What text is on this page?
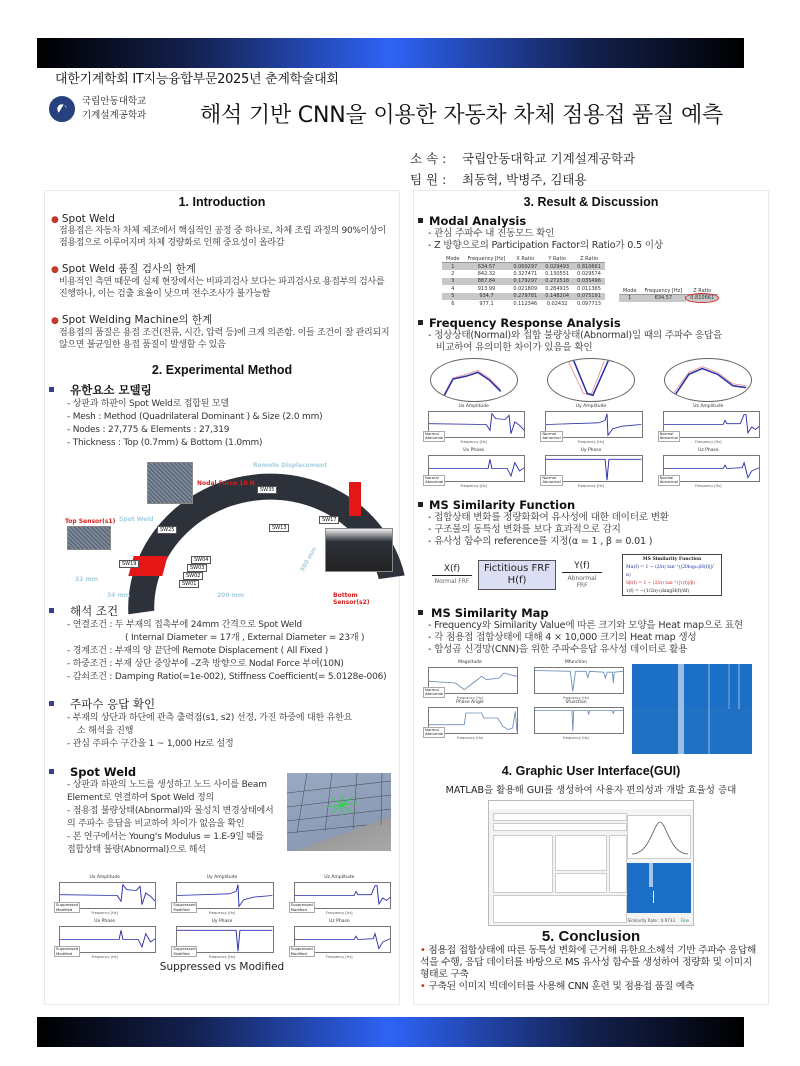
대한기계학회 IT지능융합부문2025년 춘계학술대회
국립안동대학교
기계설계공학과 해석 기반 CNN을 이용한 자동차 차체 점용접 품질 예측
소 속 : 국립안동대학교 기계설계공학과
팀 원 : 최동혁, 박병주, 김태용
1. Introduction
● Spot Weld
점용접은 자동차 차체 제조에서 핵심적인 공정 중 하나로, 차체 조립 과정의 90%이상이 점용접으로 이루어지며 차체 경량화로 인해 중요성이 올라감
● Spot Weld 품질 검사의 한계
비용적인 측면 때문에 실제 현장에서는 비파괴검사 보다는 파괴검사로 용접부의 검사를 진행하나, 이는 검출 효율이 낮으며 전수조사가 불가능함
● Spot Welding Machine의 한계
점용접의 품질은 용접 조건(전류, 시간, 압력 등)에 크게 의존함. 이들 조건이 잘 관리되지 않으면 불균일한 용접 품질이 발생할 수 있음
2. Experimental Method
유한요소 모델링
- 상판과 하판이 Spot Weld로 접합된 모델
- Mesh : Method (Quadrilateral Dominant ) & Size (2.0 mm)
- Nodes : 27,775 & Elements : 27,319
- Thickness : Top (0.7mm) & Bottom (1.0mm)
Remote Displacement
Nodal Force 10 N
Spot Weld
Top Sensor(s1)
Bottom Sensor(s2)
SW35
SW25	SW13
SW17
SW19
SW04
SW03
SW02
SW01
32 mm
34 mm	200 mm
500 mm
해석 조건
- 연결조건 : 두 부재의 접촉부에 24mm 간격으로 Spot Weld
( Internal Diameter = 17개 , External Diameter = 23개 )
- 경계조건 : 부재의 양 끝단에 Remote Displacement ( All Fixed )
- 하중조건 : 부재 상단 중앙부에 –Z축 방향으로 Nodal Force 부여(10N)
- 감쇠조건 : Damping Ratio(=1e-002), Stiffness Coefficient(= 5.0128e-006)
주파수 응답 확인
- 부재의 상단과 하단에 관측 출력점(s1, s2) 선정, 가진 하중에 대한 유한요
소 해석을 진행
- 관심 주파수 구간을 1 ~ 1,000 Hz로 설정
Spot Weld
- 상판과 하판의 노드를 생성하고 노드 사이를 Beam
Element로 연결하여 Spot Weld 정의
- 점용접 불량상태(Abnormal)와 물성치 변경상태에서
의 주파수 응답을 비교하여 차이가 없음을 확인
- 본 연구에서는 Young's Modulus = 1.E-9일 때를
접합상태 불량(Abnormal)으로 해석
Ux Amplitude
Suppressed
Modified
Frequency [Hz]
Uy Amplitude
Suppressed
Modified
Frequency [Hz]
Uz Amplitude
Suppressed
Modified
Frequency [Hz]
Ux Phase
Suppressed
Modified
Frequency [Hz]
Uy Phase
Suppressed
Modified
Frequency [Hz]
Uz Phase
Suppressed
Modified
Frequency [Hz]
Suppressed vs Modified
3. Result & Discussion
Modal Analysis
- 관심 주파수 내 진동모드 확인
- Z 방향으로의 Participation Factor의 Ratio가 0.5 이상
Mode	Frequency [Hz]	X Ratio	Y Ratio	Z Ratio
1	634.57	0.069297	0.029493	0.810661
2	842.32	0.327471	0.130551	0.029574
3	887.84	0.179297	0.272518	0.035496
4	913.99	0.021809	0.284915	0.011365
5	934.7	0.279781	0.148204	0.075191
6	977.1	0.112346	0.02432	0.097713
Mode	Frequency [Hz]	Z Ratio
1	634.57	0.810661
Frequency Response Analysis
- 정상상태(Normal)와 접합 불량상태(Abnormal)일 때의 주파수 응답을
비교하여 유의미한 차이가 있음을 확인
Ux Amplitude
Normal
Abnormal
Frequency [Hz]
Uy Amplitude
Normal
Abnormal
Frequency [Hz]
Uz Amplitude
Normal
Abnormal
Frequency [Hz]
Ux Phase
Normal
Abnormal
Frequency [Hz]
Uy Phase
Normal
Abnormal
Frequency [Hz]
Uz Phase
Normal
Abnormal
Frequency [Hz]
MS Similarity Function
- 접합상태 변화를 정량화화여 유사성에 대한 데이터로 변환
- 구조물의 동특성 변화를 보다 효과적으로 감지
- 유사성 함수의 reference를 지정(α = 1 , β = 0.01 )
X(f)
Normal FRF
Fictitious FRF
H(f)
Y(f)
Abnormal FRF
MS Similarity Function
Mα(f) = 1 − (2/π) tan⁻¹(|20log₁₀|H(f)||/α)
Sβ(f) = 1 − (2/π) tan⁻¹(|τ(f)|/β)
τ(f) = −(1/2π)·(dangH(f)/df)
MS Similarity Map
- Frequency와 Similarity Value에 따른 크기와 모양을 Heat map으로 표현
- 각 점용접 접합상태에 대해 4 × 10,000 크기의 Heat map 생성
- 합성곱 신경망(CNN)을 위한 주파수응답 유사성 데이터로 활용
Magnitude
Normal
Abnormal
Frequency (Hz)
Phase Angle
Normal
Abnormal
Frequency (Hz)
Mfunction
Frequency (Hz)
Sfunction
Frequency (Hz)
4. Graphic User Interface(GUI)
MATLAB을 활용해 GUI를 생성하여 사용자 편의성과 개발 효율성 증대
Similarity Rate : 0.9733 Fine
5. Conclusion
• 점용접 접합상태에 따른 동특성 변화에 근거해 유한요소해석 기반 주파수 응답해석을 수행, 응답 데이터를 바탕으로 MS 유사성 함수를 생성하여 정량화 및 이미지 형태로 구축
• 구축된 이미지 빅데이터를 사용해 CNN 훈련 및 점용접 품질 예측
